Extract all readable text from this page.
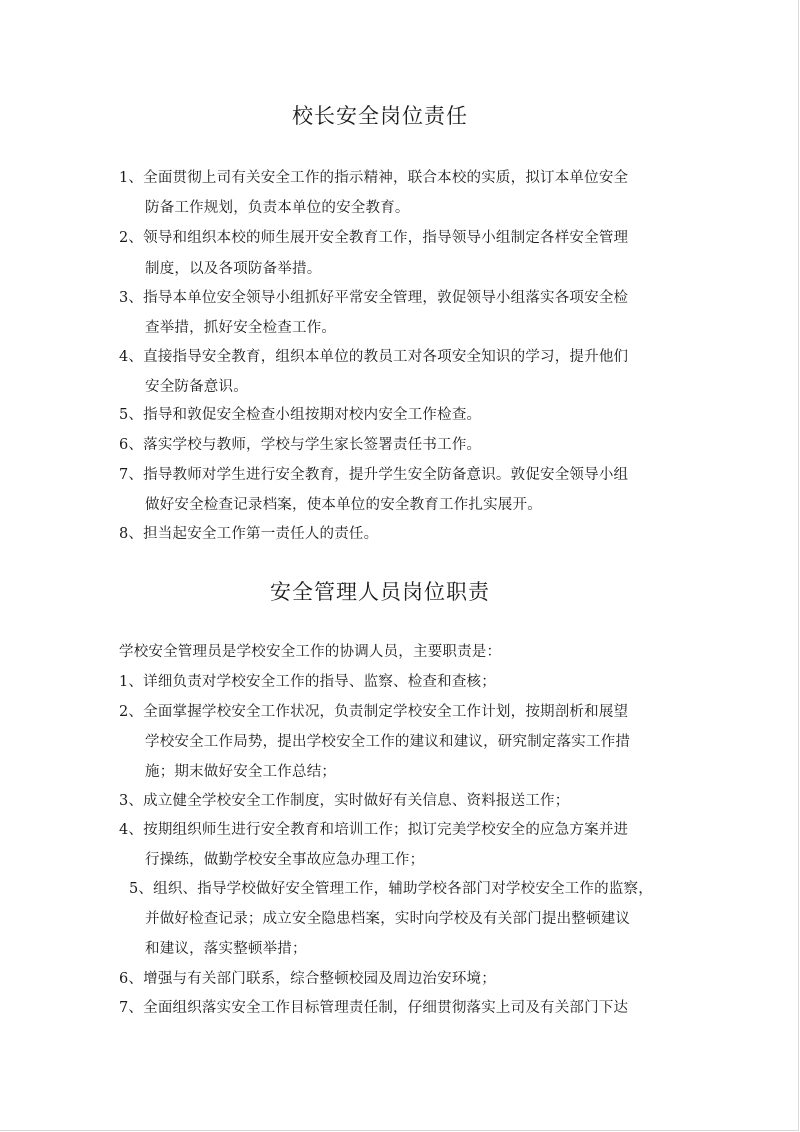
校长安全岗位责任

1、全面贯彻上司有关安全工作的指示精神，联合本校的实质，拟订本单位安全

防备工作规划，负责本单位的安全教育。

2、领导和组织本校的师生展开安全教育工作，指导领导小组制定各样安全管理

制度，以及各项防备举措。

3、指导本单位安全领导小组抓好平常安全管理，敦促领导小组落实各项安全检

查举措，抓好安全检查工作。

4、直接指导安全教育，组织本单位的教员工对各项安全知识的学习，提升他们

安全防备意识。

5、指导和敦促安全检查小组按期对校内安全工作检查。

6、落实学校与教师，学校与学生家长签署责任书工作。

7、指导教师对学生进行安全教育，提升学生安全防备意识。敦促安全领导小组

做好安全检查记录档案，使本单位的安全教育工作扎实展开。

8、担当起安全工作第一责任人的责任。

安全管理人员岗位职责

学校安全管理员是学校安全工作的协调人员，主要职责是：

1、详细负责对学校安全工作的指导、监察、检查和查核；

2、全面掌握学校安全工作状况，负责制定学校安全工作计划，按期剖析和展望

学校安全工作局势，提出学校安全工作的建议和建议，研究制定落实工作措

施；期末做好安全工作总结；

3、成立健全学校安全工作制度，实时做好有关信息、资料报送工作；

4、按期组织师生进行安全教育和培训工作；拟订完美学校安全的应急方案并进

行操练，做勤学校安全事故应急办理工作；

5、组织、指导学校做好安全管理工作，辅助学校各部门对学校安全工作的监察，

并做好检查记录；成立安全隐患档案，实时向学校及有关部门提出整顿建议

和建议，落实整顿举措；

6、增强与有关部门联系，综合整顿校园及周边治安环境；

7、全面组织落实安全工作目标管理责任制，仔细贯彻落实上司及有关部门下达
